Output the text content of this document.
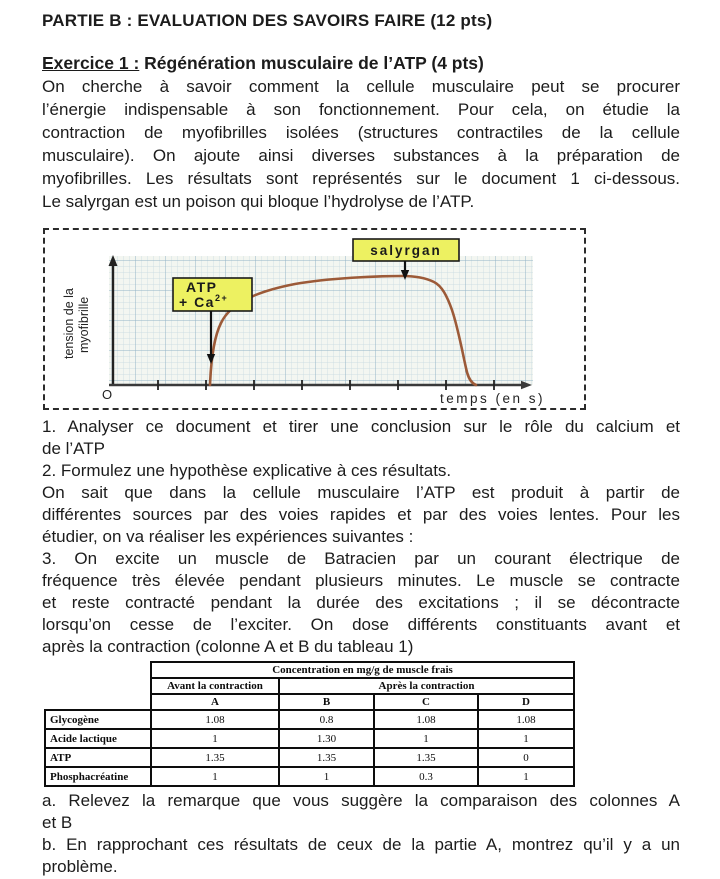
PARTIE B : EVALUATION DES SAVOIRS FAIRE (12 pts)
Exercice 1 : Régénération musculaire de l’ATP (4 pts)
On cherche à savoir comment la cellule musculaire peut se procurer
l’énergie indispensable à son fonctionnement. Pour cela, on étudie la
contraction de myofibrilles isolées (structures contractiles de la cellule
musculaire). On ajoute ainsi diverses substances à la préparation de
myofibrilles. Les résultats sont représentés sur le document 1 ci-dessous.
Le salyrgan est un poison qui bloque l’hydrolyse de l’ATP.
salyrgan
ATP
+ $Ca^{2+}$
O	temps (en s)
tension de la myofibrille
1. Analyser ce document et tirer une conclusion sur le rôle du calcium et
de l’ATP
2. Formulez une hypothèse explicative à ces résultats.
On sait que dans la cellule musculaire l’ATP est produit à partir de
différentes sources par des voies rapides et par des voies lentes. Pour les
étudier, on va réaliser les expériences suivantes :
3. On excite un muscle de Batracien par un courant électrique de
fréquence très élevée pendant plusieurs minutes. Le muscle se contracte
et reste contracté pendant la durée des excitations ; il se décontracte
lorsqu’on cesse de l’exciter. On dose différents constituants avant et
après la contraction (colonne A et B du tableau 1)
	Concentration en mg/g de muscle frais			
	Avant la contraction	Après la contraction		
	A	B	C	D
Glycogène	1.08	0.8	1.08	1.08
Acide lactique	1	1.30	1	1
ATP	1.35	1.35	1.35	0
Phosphacréatine	1	1	0.3	1
a. Relevez la remarque que vous suggère la comparaison des colonnes A
et B
b. En rapprochant ces résultats de ceux de la partie A, montrez qu’il y a un
problème.
